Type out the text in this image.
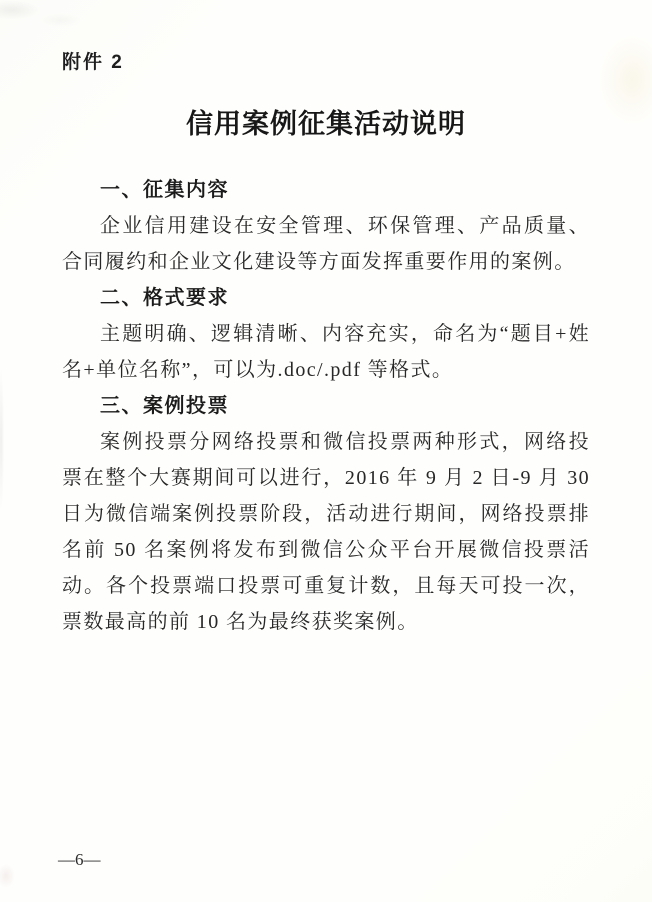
附件 2
信用案例征集活动说明
一、征集内容

企业信用建设在安全管理、环保管理、产品质量、合同履约和企业文化建设等方面发挥重要作用的案例。

二、格式要求

主题明确、逻辑清晰、内容充实，命名为“题目+姓名+单位名称”，可以为.doc/.pdf 等格式。

三、案例投票

案例投票分网络投票和微信投票两种形式，网络投票在整个大赛期间可以进行，2016 年 9 月 2 日-9 月 30 日为微信端案例投票阶段，活动进行期间，网络投票排名前 50 名案例将发布到微信公众平台开展微信投票活动。各个投票端口投票可重复计数，且每天可投一次，票数最高的前 10 名为最终获奖案例。

—6—
